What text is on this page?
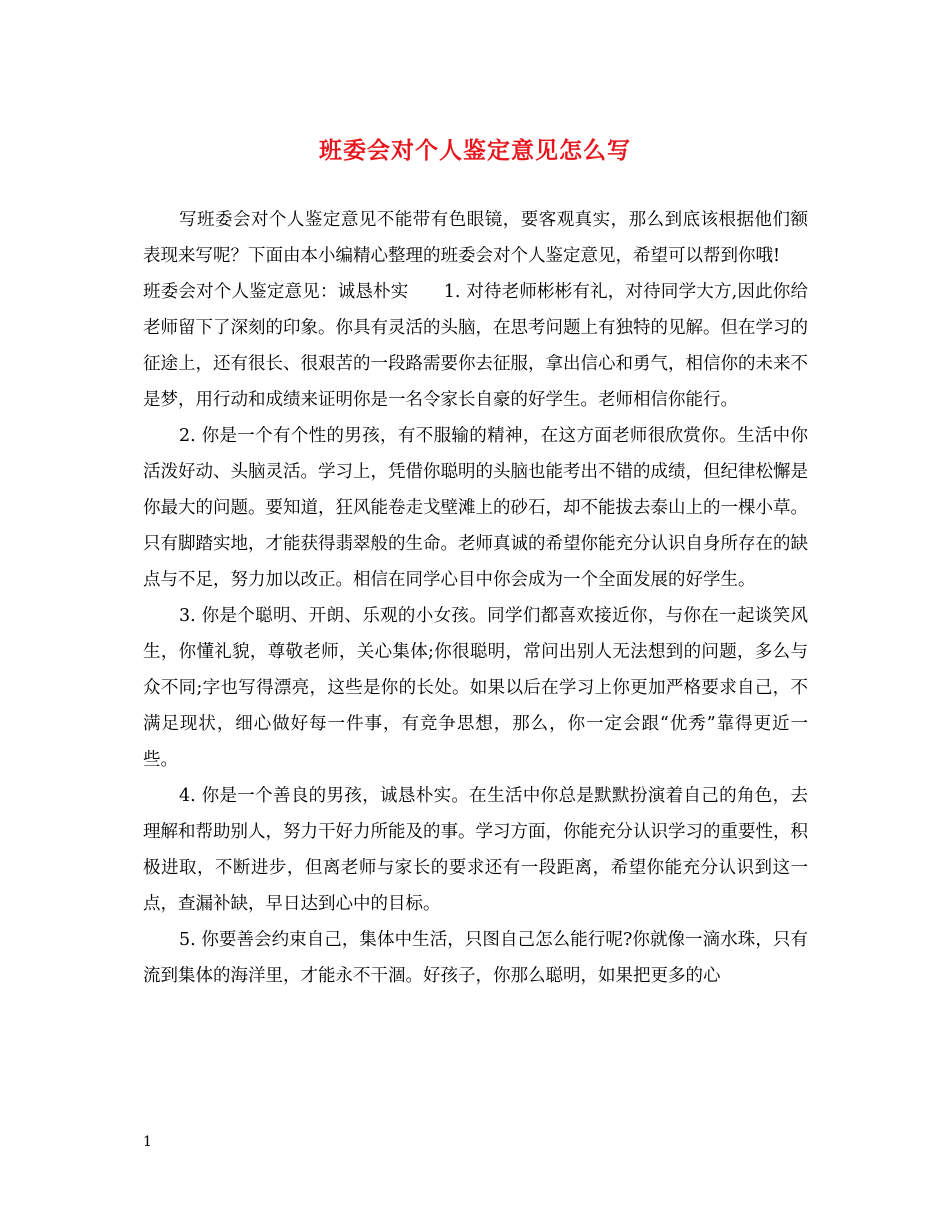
班委会对个人鉴定意见怎么写

写班委会对个人鉴定意见不能带有色眼镜，要客观真实，那么到底该根据他们额表现来写呢？下面由本小编精心整理的班委会对个人鉴定意见，希望可以帮到你哦!

班委会对个人鉴定意见：诚恳朴实　　1. 对待老师彬彬有礼，对待同学大方,因此你给老师留下了深刻的印象。你具有灵活的头脑，在思考问题上有独特的见解。但在学习的征途上，还有很长、很艰苦的一段路需要你去征服，拿出信心和勇气，相信你的未来不是梦，用行动和成绩来证明你是一名令家长自豪的好学生。老师相信你能行。

2. 你是一个有个性的男孩，有不服输的精神，在这方面老师很欣赏你。生活中你活泼好动、头脑灵活。学习上，凭借你聪明的头脑也能考出不错的成绩，但纪律松懈是你最大的问题。要知道，狂风能卷走戈壁滩上的砂石，却不能拔去泰山上的一棵小草。只有脚踏实地，才能获得翡翠般的生命。老师真诚的希望你能充分认识自身所存在的缺点与不足，努力加以改正。相信在同学心目中你会成为一个全面发展的好学生。

3. 你是个聪明、开朗、乐观的小女孩。同学们都喜欢接近你，与你在一起谈笑风生，你懂礼貌，尊敬老师，关心集体;你很聪明，常问出别人无法想到的问题，多么与众不同;字也写得漂亮，这些是你的长处。如果以后在学习上你更加严格要求自己，不满足现状，细心做好每一件事，有竞争思想，那么，你一定会跟“优秀”靠得更近一些。

4. 你是一个善良的男孩，诚恳朴实。在生活中你总是默默扮演着自己的角色，去理解和帮助别人，努力干好力所能及的事。学习方面，你能充分认识学习的重要性，积极进取，不断进步，但离老师与家长的要求还有一段距离，希望你能充分认识到这一点，查漏补缺，早日达到心中的目标。

5. 你要善会约束自己，集体中生活，只图自己怎么能行呢?你就像一滴水珠，只有流到集体的海洋里，才能永不干涸。好孩子，你那么聪明，如果把更多的心

1
